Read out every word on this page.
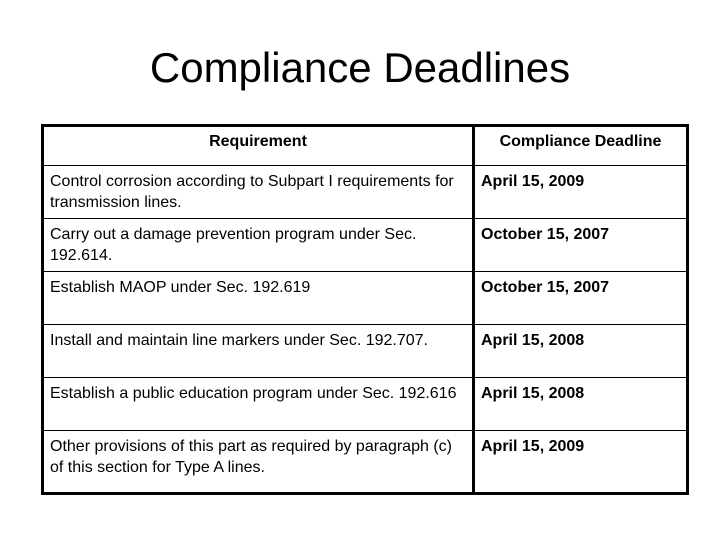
Compliance Deadlines
Requirement	Compliance Deadline
Control corrosion according to Subpart I requirements for transmission lines.	April 15, 2009
Carry out a damage prevention program under Sec. 192.614.	October 15, 2007
Establish MAOP under Sec. 192.619	October 15, 2007
Install and maintain line markers under Sec. 192.707.	April 15, 2008
Establish a public education program under Sec. 192.616	April 15, 2008
Other provisions of this part as required by paragraph (c) of this section for Type A lines.	April 15, 2009
